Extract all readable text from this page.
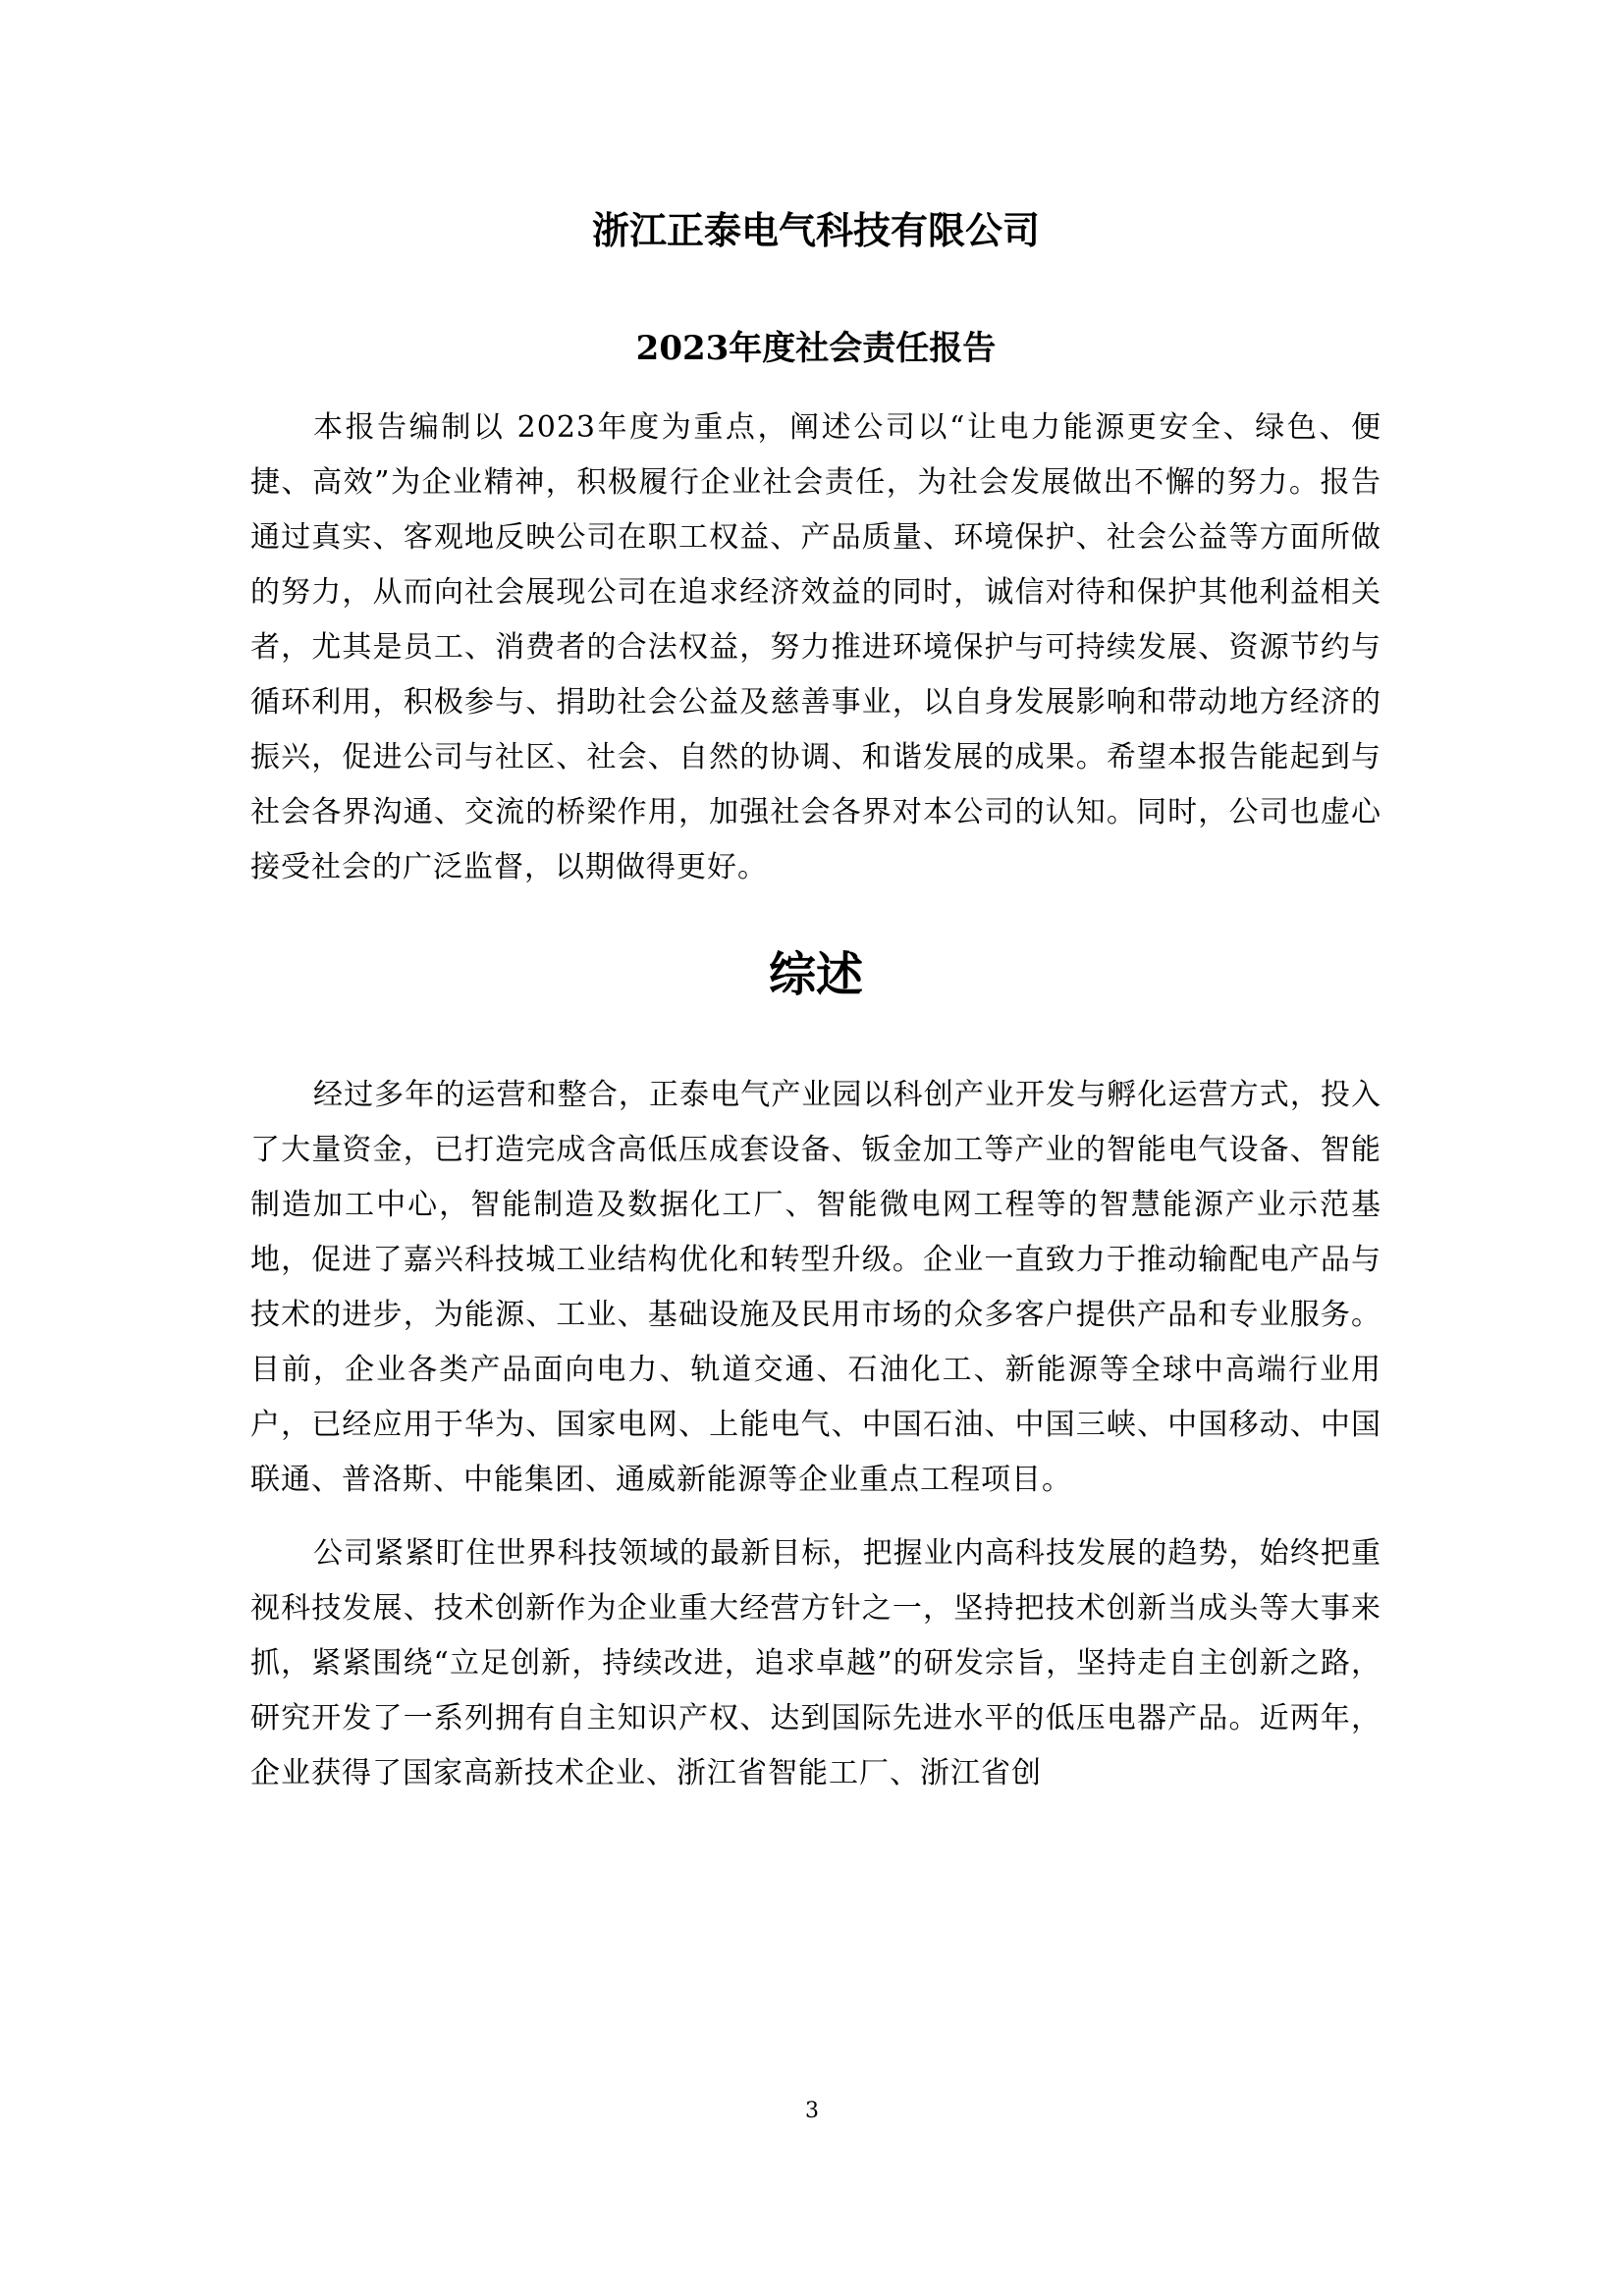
浙江正泰电气科技有限公司
2023年度社会责任报告

本报告编制以 2023年度为重点，阐述公司以“让电力能源更安全、绿色、便捷、高效”为企业精神，积极履行企业社会责任，为社会发展做出不懈的努力。报告通过真实、客观地反映公司在职工权益、产品质量、环境保护、社会公益等方面所做的努力，从而向社会展现公司在追求经济效益的同时，诚信对待和保护其他利益相关者，尤其是员工、消费者的合法权益，努力推进环境保护与可持续发展、资源节约与循环利用，积极参与、捐助社会公益及慈善事业，以自身发展影响和带动地方经济的振兴，促进公司与社区、社会、自然的协调、和谐发展的成果。希望本报告能起到与社会各界沟通、交流的桥梁作用，加强社会各界对本公司的认知。同时，公司也虚心接受社会的广泛监督，以期做得更好。

综述

经过多年的运营和整合，正泰电气产业园以科创产业开发与孵化运营方式，投入了大量资金，已打造完成含高低压成套设备、钣金加工等产业的智能电气设备、智能制造加工中心，智能制造及数据化工厂、智能微电网工程等的智慧能源产业示范基地，促进了嘉兴科技城工业结构优化和转型升级。企业一直致力于推动输配电产品与技术的进步，为能源、工业、基础设施及民用市场的众多客户提供产品和专业服务。目前，企业各类产品面向电力、轨道交通、石油化工、新能源等全球中高端行业用户，已经应用于华为、国家电网、上能电气、中国石油、中国三峡、中国移动、中国联通、普洛斯、中能集团、通威新能源等企业重点工程项目。

公司紧紧盯住世界科技领域的最新目标，把握业内高科技发展的趋势，始终把重视科技发展、技术创新作为企业重大经营方针之一，坚持把技术创新当成头等大事来抓，紧紧围绕“立足创新，持续改进，追求卓越”的研发宗旨，坚持走自主创新之路，研究开发了一系列拥有自主知识产权、达到国际先进水平的低压电器产品。近两年，企业获得了国家高新技术企业、浙江省智能工厂、浙江省创

3
